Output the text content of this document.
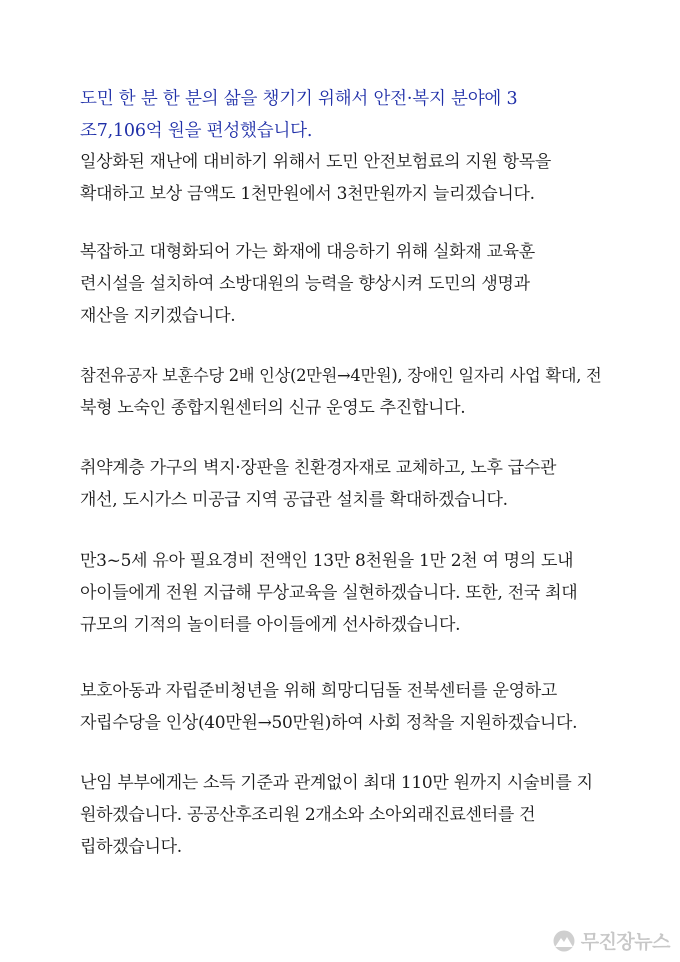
도민 한 분 한 분의 삶을 챙기기 위해서 안전·복지 분야에 3
조7,106억 원을 편성했습니다.
일상화된 재난에 대비하기 위해서 도민 안전보험료의 지원 항목을
확대하고 보상 금액도 1천만원에서 3천만원까지 늘리겠습니다.
복잡하고 대형화되어 가는 화재에 대응하기 위해 실화재 교육훈
련시설을 설치하여 소방대원의 능력을 향상시켜 도민의 생명과
재산을 지키겠습니다.
참전유공자 보훈수당 2배 인상(2만원→4만원), 장애인 일자리 사업 확대, 전
북형 노숙인 종합지원센터의 신규 운영도 추진합니다.
취약계층 가구의 벽지·장판을 친환경자재로 교체하고, 노후 급수관
개선, 도시가스 미공급 지역 공급관 설치를 확대하겠습니다.
만3~5세 유아 필요경비 전액인 13만 8천원을 1만 2천 여 명의 도내
아이들에게 전원 지급해 무상교육을 실현하겠습니다. 또한, 전국 최대
규모의 기적의 놀이터를 아이들에게 선사하겠습니다.
보호아동과 자립준비청년을 위해 희망디딤돌 전북센터를 운영하고
자립수당을 인상(40만원→50만원)하여 사회 정착을 지원하겠습니다.
난임 부부에게는 소득 기준과 관계없이 최대 110만 원까지 시술비를 지
원하겠습니다. 공공산후조리원 2개소와 소아외래진료센터를 건
립하겠습니다.
무진장뉴스
